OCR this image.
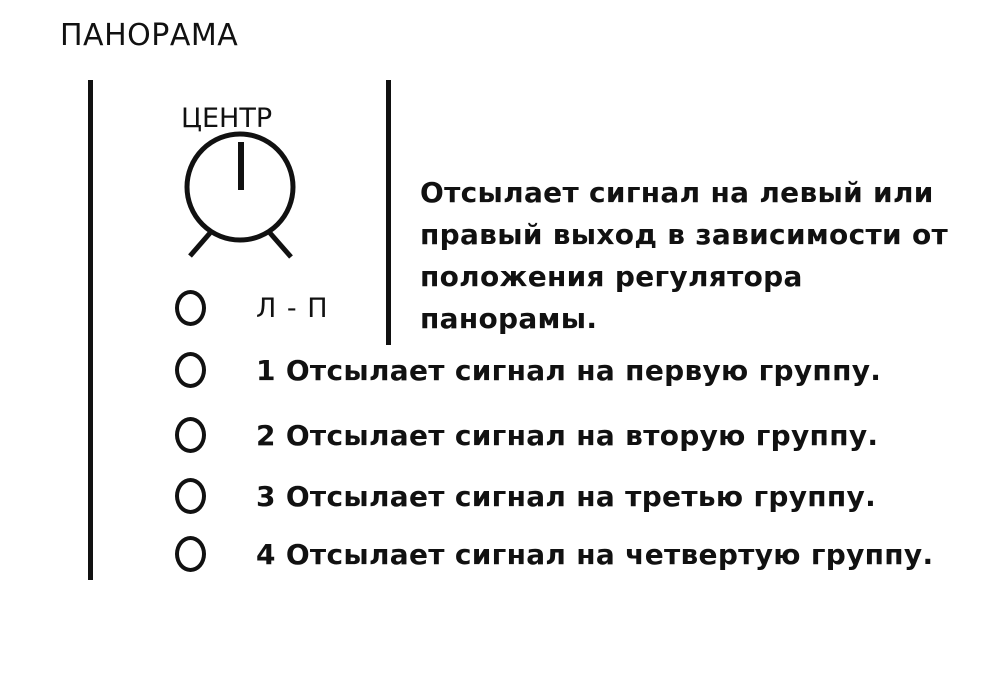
ПАНОРАМА
ЦЕНТР
Отсылает сигнал на левый или
правый выход в зависимости от
положения регулятора
панорамы.
Л - П
1 Отсылает сигнал на первую группу.
2 Отсылает сигнал на вторую группу.
3 Отсылает сигнал на третью группу.
4 Отсылает сигнал на четвертую группу.
